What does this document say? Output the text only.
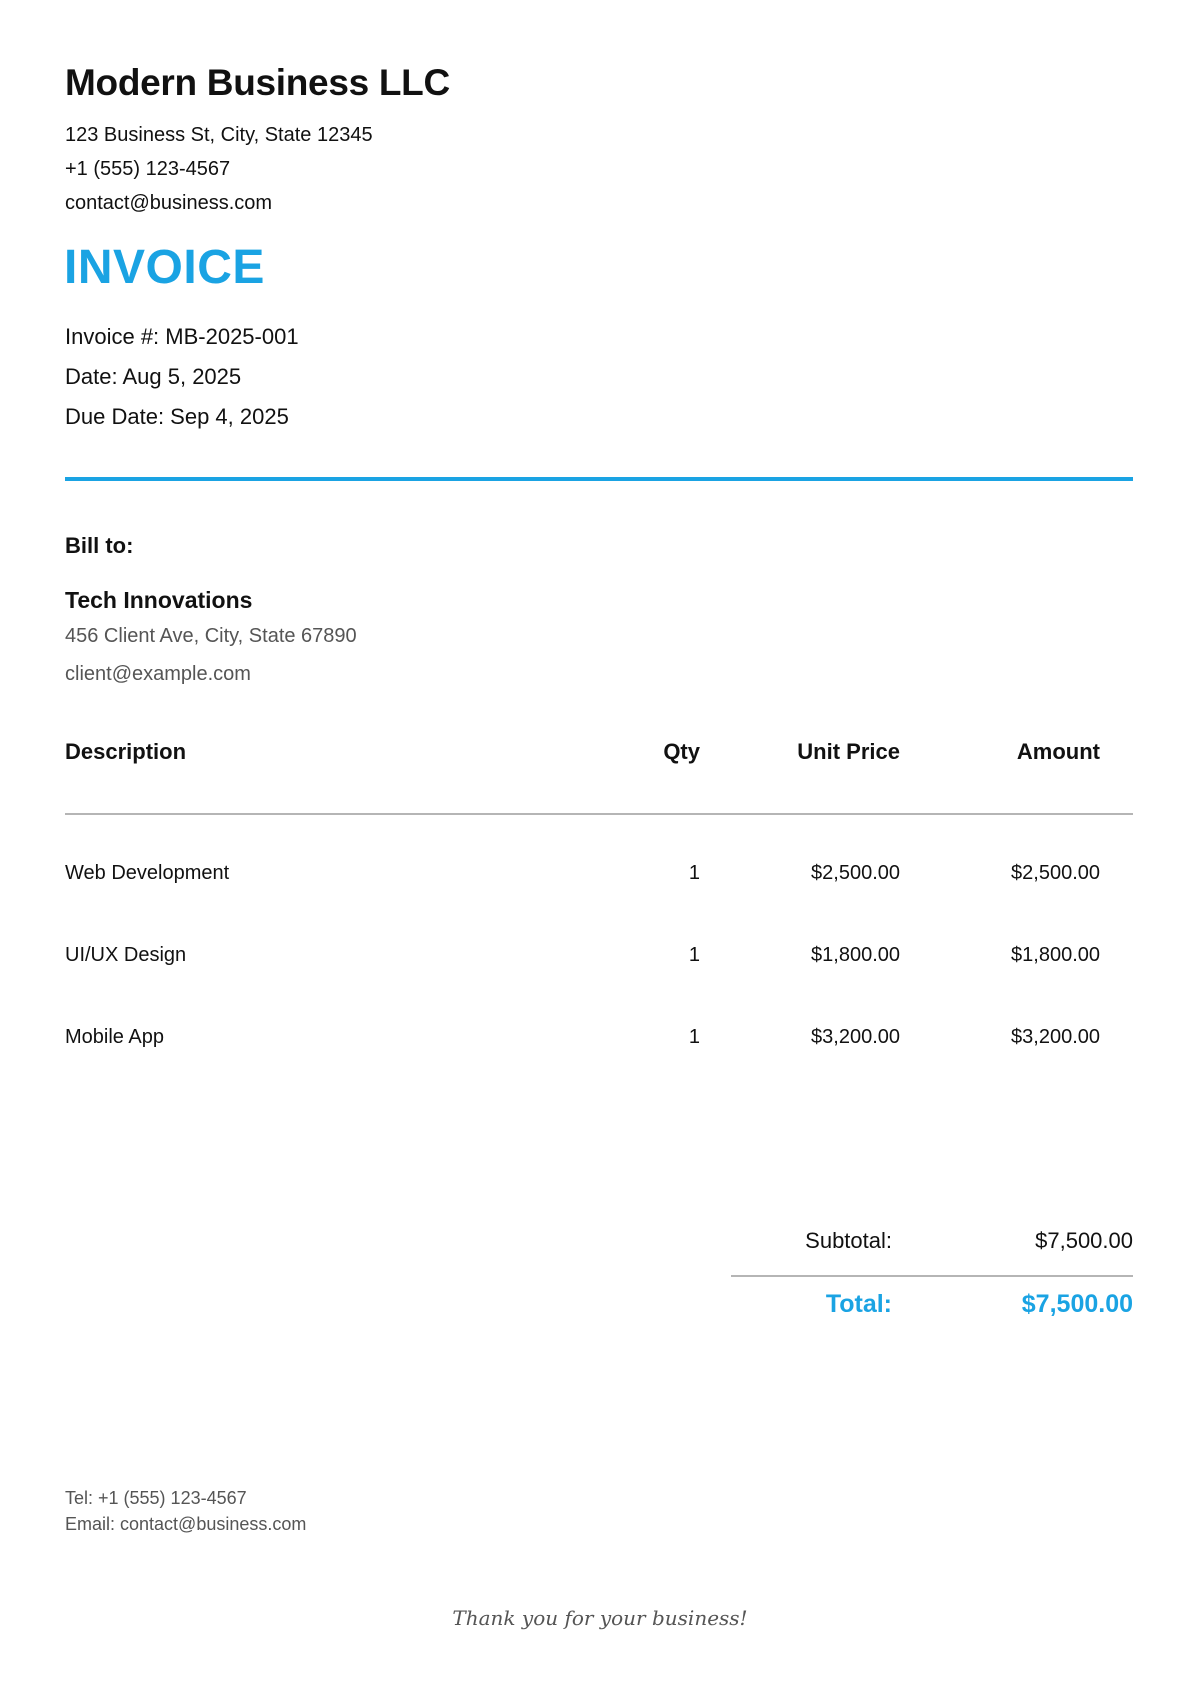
Modern Business LLC
123 Business St, City, State 12345
+1 (555) 123-4567
contact@business.com
INVOICE
Invoice #: MB-2025-001
Date: Aug 5, 2025
Due Date: Sep 4, 2025
Bill to:
Tech Innovations
456 Client Ave, City, State 67890
client@example.com
Description	Qty	Unit Price	Amount
Web Development	1	$2,500.00	$2,500.00
UI/UX Design	1	$1,800.00	$1,800.00
Mobile App	1	$3,200.00	$3,200.00
Subtotal:	$7,500.00
Total:	$7,500.00
Tel: +1 (555) 123-4567
Email: contact@business.com
Thank you for your business!
